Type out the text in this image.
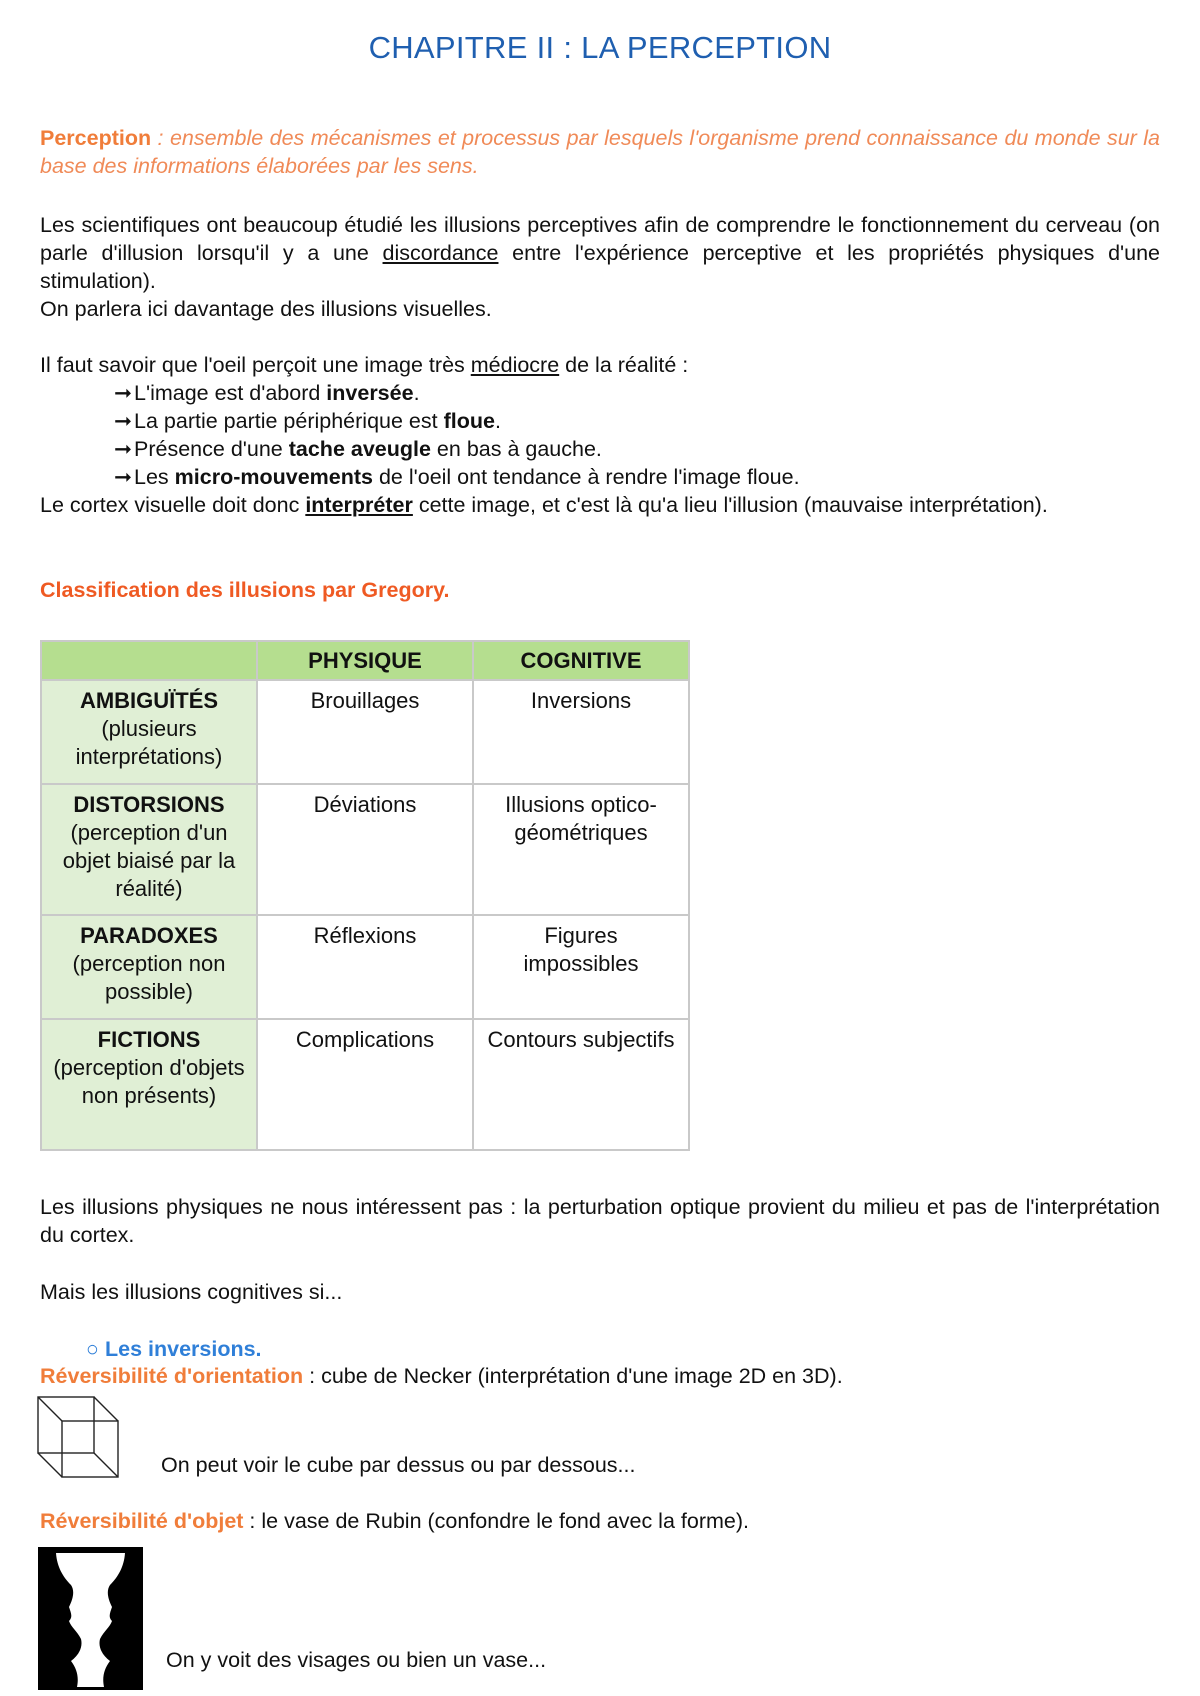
CHAPITRE II : LA PERCEPTION
Perception : ensemble des mécanismes et processus par lesquels l'organisme prend connaissance du monde sur la base des informations élaborées par les sens.
Les scientifiques ont beaucoup étudié les illusions perceptives afin de comprendre le fonctionnement du cerveau (on parle d'illusion lorsqu'il y a une discordance entre l'expérience perceptive et les propriétés physiques d'une stimulation).
On parlera ici davantage des illusions visuelles.
Il faut savoir que l'oeil perçoit une image très médiocre de la réalité :
➞L'image est d'abord inversée.
➞La partie partie périphérique est floue.
➞Présence d'une tache aveugle en bas à gauche.
➞Les micro-mouvements de l'oeil ont tendance à rendre l'image floue.
Le cortex visuelle doit donc interpréter cette image, et c'est là qu'a lieu l'illusion (mauvaise interprétation).
Classification des illusions par Gregory.
	PHYSIQUE	COGNITIVE

AMBIGUÏTÉS
(plusieurs interprétations)	Brouillages	Inversions

DISTORSIONS
(perception d'un objet biaisé par la réalité)	Déviations	Illusions optico-géométriques

PARADOXES
(perception non possible)	Réflexions	Figures impossibles

FICTIONS
(perception d'objets non présents)	Complications	Contours subjectifs
Les illusions physiques ne nous intéressent pas : la perturbation optique provient du milieu et pas de l'interprétation du cortex.
Mais les illusions cognitives si...
○ Les inversions.
Réversibilité d'orientation : cube de Necker (interprétation d'une image 2D en 3D).
On peut voir le cube par dessus ou par dessous...
Réversibilité d'objet : le vase de Rubin (confondre le fond avec la forme).
On y voit des visages ou bien un vase...
